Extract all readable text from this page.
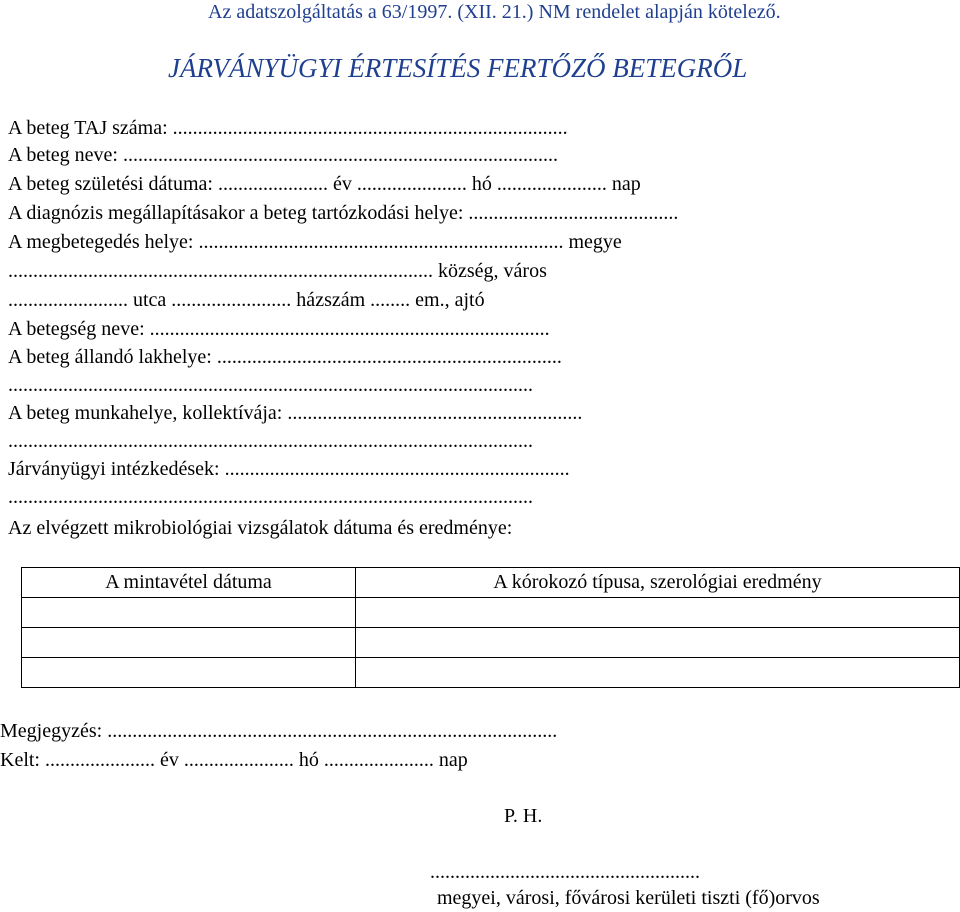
Az adatszolgáltatás a 63/1997. (XII. 21.) NM rendelet alapján kötelező.
JÁRVÁNYÜGYI ÉRTESÍTÉS FERTŐZŐ BETEGRŐL
A beteg TAJ száma: ...............................................................................
A beteg neve: .......................................................................................
A beteg születési dátuma: ...................... év ...................... hó ...................... nap
A diagnózis megállapításakor a beteg tartózkodási helye: ..........................................
A megbetegedés helye: ......................................................................... megye
..................................................................................... község, város
........................ utca ........................ házszám ........ em., ajtó
A betegség neve: ................................................................................
A beteg állandó lakhelye: .....................................................................
.........................................................................................................
A beteg munkahelye, kollektívája: ...........................................................
.........................................................................................................
Járványügyi intézkedések: .....................................................................
.........................................................................................................
Az elvégzett mikrobiológiai vizsgálatok dátuma és eredménye:
A mintavétel dátuma	A kórokozó típusa, szerológiai eredmény

Megjegyzés: ..........................................................................................
Kelt: ...................... év ...................... hó ...................... nap
P. H.
......................................................
megyei, városi, fővárosi kerületi tiszti (fő)orvos
